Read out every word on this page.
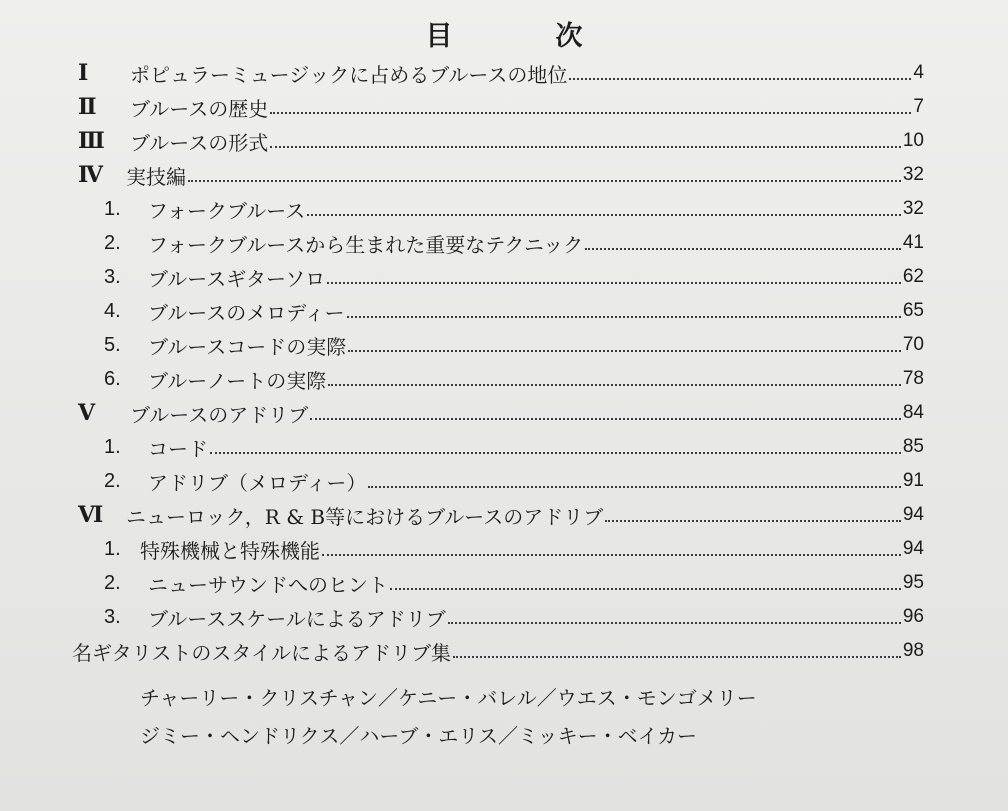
目　次
Ⅰ	ポピュラーミュージックに占めるブルースの地位	4
Ⅱ	ブルースの歴史	7
Ⅲ	ブルースの形式	10
Ⅳ	実技編	32
1.	フォークブルース	32
2.	フォークブルースから生まれた重要なテクニック	41
3.	ブルースギターソロ	62
4.	ブルースのメロディー	65
5.	ブルースコードの実際	70
6.	ブルーノートの実際	78
Ⅴ	ブルースのアドリブ	84
1.	コード	85
2.	アドリブ（メロディー）	91
Ⅵ	ニューロック，R & B等におけるブルースのアドリブ	94
1. 特殊機械と特殊機能	94
2.	ニューサウンドへのヒント	95
3.	ブルーススケールによるアドリブ	96
名ギタリストのスタイルによるアドリブ集	98
チャーリー・クリスチャン／ケニー・バレル／ウエス・モンゴメリー
ジミー・ヘンドリクス／ハーブ・エリス／ミッキー・ベイカー
